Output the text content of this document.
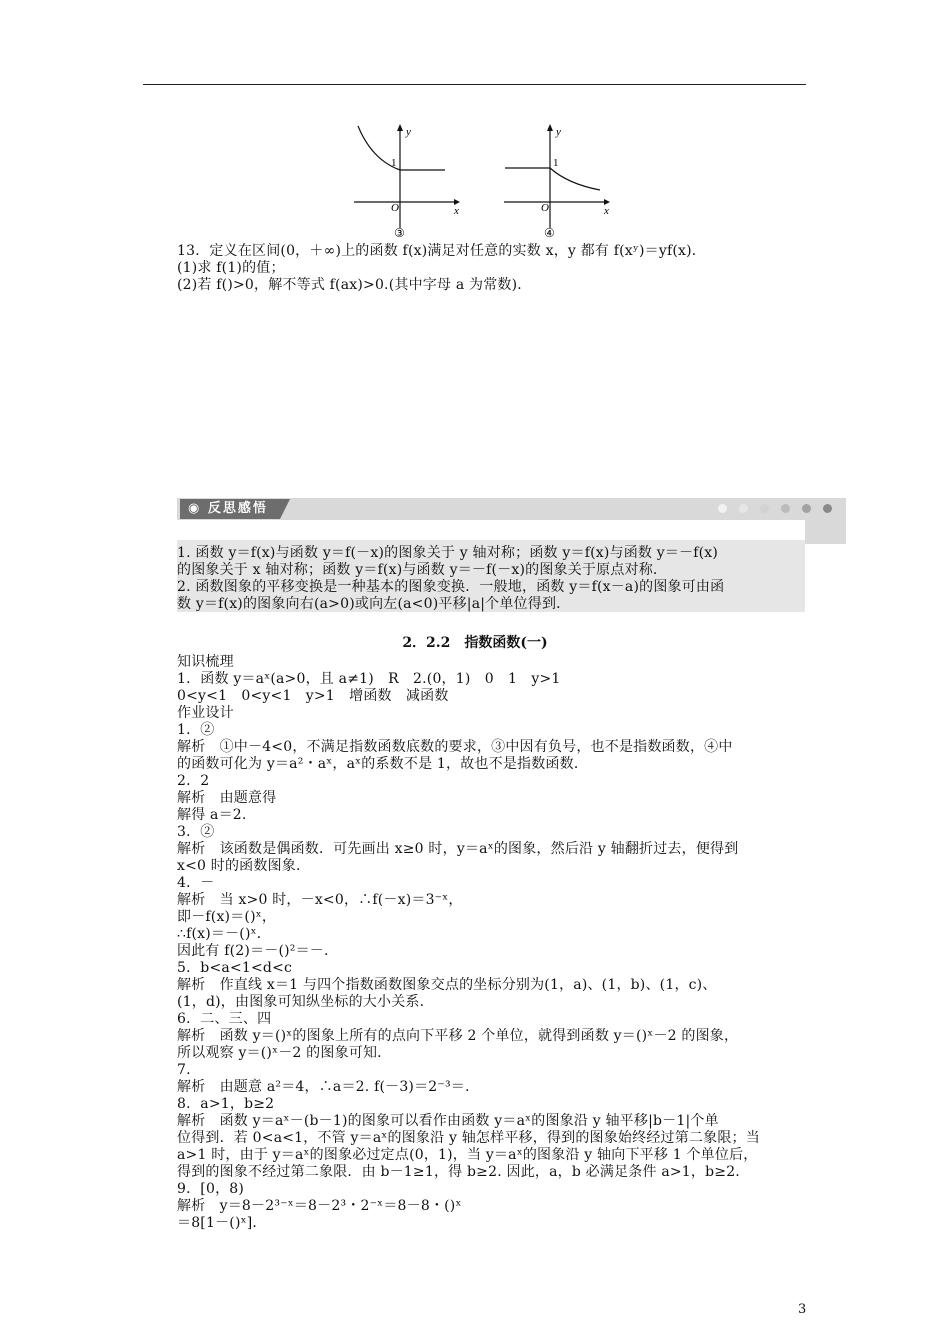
y
1
O	x
③
y
1
O	x
④
13．定义在区间(0，＋∞)上的函数 f(x)满足对任意的实数 x，y 都有 f(xʸ)＝yf(x)．
(1)求 f(1)的值；
(2)若 f()>0，解不等式 f(ax)>0.(其中字母 a 为常数)．
◉ 反思感悟
1. 函数 y＝f(x)与函数 y＝f(－x)的图象关于 y 轴对称；函数 y＝f(x)与函数 y＝－f(x)
的图象关于 x 轴对称；函数 y＝f(x)与函数 y＝－f(－x)的图象关于原点对称．
2. 函数图象的平移变换是一种基本的图象变换．一般地，函数 y＝f(x－a)的图象可由函
数 y＝f(x)的图象向右(a>0)或向左(a<0)平移|a|个单位得到．
2．2.2　指数函数(一)
知识梳理
1．函数 y＝aˣ(a>0，且 a≠1)　R　2.(0，1)　0　1　y>1
0<y<1　0<y<1　y>1　增函数　减函数
作业设计
1．②
解析　①中－4<0，不满足指数函数底数的要求，③中因有负号，也不是指数函数，④中
的函数可化为 y＝a²・aˣ，aˣ的系数不是 1，故也不是指数函数．
2．2
解析　由题意得
解得 a＝2.
3．②
解析　该函数是偶函数．可先画出 x≥0 时，y＝aˣ的图象，然后沿 y 轴翻折过去，便得到
x<0 时的函数图象．
4．－
解析　当 x>0 时，－x<0，∴f(－x)＝3⁻ˣ，
即－f(x)＝()ˣ，
∴f(x)＝－()ˣ．
因此有 f(2)＝－()²＝－.
5．b<a<1<d<c
解析　作直线 x＝1 与四个指数函数图象交点的坐标分别为(1，a)、(1，b)、(1，c)、
(1，d)，由图象可知纵坐标的大小关系．
6．二、三、四
解析　函数 y＝()ˣ的图象上所有的点向下平移 2 个单位，就得到函数 y＝()ˣ－2 的图象，
所以观察 y＝()ˣ－2 的图象可知．
7.
解析　由题意 a²＝4，∴a＝2. f(－3)＝2⁻³＝.
8．a>1，b≥2
解析　函数 y＝aˣ－(b－1)的图象可以看作由函数 y＝aˣ的图象沿 y 轴平移|b－1|个单
位得到．若 0<a<1，不管 y＝aˣ的图象沿 y 轴怎样平移，得到的图象始终经过第二象限；当
a>1 时，由于 y＝aˣ的图象必过定点(0，1)，当 y＝aˣ的图象沿 y 轴向下平移 1 个单位后，
得到的图象不经过第二象限．由 b－1≥1，得 b≥2. 因此，a，b 必满足条件 a>1，b≥2.
9．[0，8)
解析　y＝8－2³⁻ˣ＝8－2³・2⁻ˣ＝8－8・()ˣ
＝8[1－()ˣ]．
3
